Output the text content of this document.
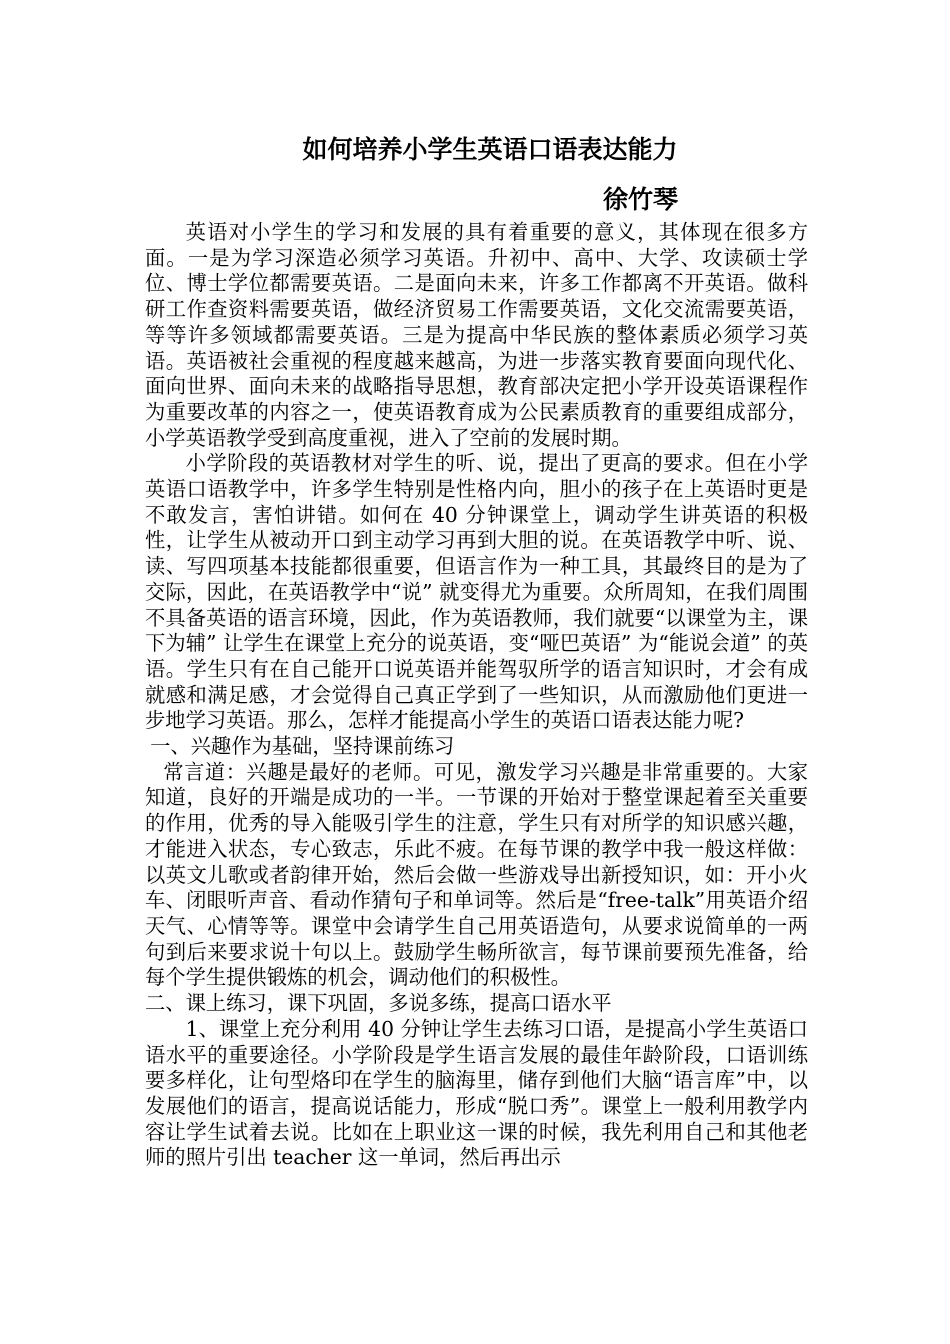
如何培养小学生英语口语表达能力
徐竹琴

英语对小学生的学习和发展的具有着重要的意义，其体现在很多方面。一是为学习深造必须学习英语。升初中、高中、大学、攻读硕士学位、博士学位都需要英语。二是面向未来，许多工作都离不开英语。做科研工作查资料需要英语，做经济贸易工作需要英语，文化交流需要英语，等等许多领域都需要英语。三是为提高中华民族的整体素质必须学习英语。英语被社会重视的程度越来越高，为进一步落实教育要面向现代化、面向世界、面向未来的战略指导思想，教育部决定把小学开设英语课程作为重要改革的内容之一，使英语教育成为公民素质教育的重要组成部分，小学英语教学受到高度重视，进入了空前的发展时期。

小学阶段的英语教材对学生的听、说，提出了更高的要求。但在小学英语口语教学中，许多学生特别是性格内向，胆小的孩子在上英语时更是不敢发言，害怕讲错。如何在 40 分钟课堂上，调动学生讲英语的积极性，让学生从被动开口到主动学习再到大胆的说。在英语教学中听、说、读、写四项基本技能都很重要，但语言作为一种工具，其最终目的是为了交际，因此，在英语教学中“说” 就变得尤为重要。众所周知，在我们周围不具备英语的语言环境，因此，作为英语教师，我们就要“以课堂为主，课下为辅” 让学生在课堂上充分的说英语，变“哑巴英语” 为“能说会道” 的英语。学生只有在自己能开口说英语并能驾驭所学的语言知识时，才会有成就感和满足感，才会觉得自己真正学到了一些知识，从而激励他们更进一步地学习英语。那么，怎样才能提高小学生的英语口语表达能力呢?

一、兴趣作为基础，坚持课前练习

常言道：兴趣是最好的老师。可见，激发学习兴趣是非常重要的。大家知道，良好的开端是成功的一半。一节课的开始对于整堂课起着至关重要的作用，优秀的导入能吸引学生的注意，学生只有对所学的知识感兴趣，才能进入状态，专心致志，乐此不疲。在每节课的教学中我一般这样做：以英文儿歌或者韵律开始，然后会做一些游戏导出新授知识，如：开小火车、闭眼听声音、看动作猜句子和单词等。然后是“free-talk”用英语介绍天气、心情等等。课堂中会请学生自己用英语造句，从要求说简单的一两句到后来要求说十句以上。鼓励学生畅所欲言，每节课前要预先准备，给每个学生提供锻炼的机会，调动他们的积极性。

二、课上练习，课下巩固，多说多练，提高口语水平

1、课堂上充分利用 40 分钟让学生去练习口语，是提高小学生英语口语水平的重要途径。小学阶段是学生语言发展的最佳年龄阶段，口语训练要多样化，让句型烙印在学生的脑海里，储存到他们大脑“语言库”中，以发展他们的语言，提高说话能力，形成“脱口秀”。课堂上一般利用教学内容让学生试着去说。比如在上职业这一课的时候，我先利用自己和其他老师的照片引出 teacher 这一单词，然后再出示
